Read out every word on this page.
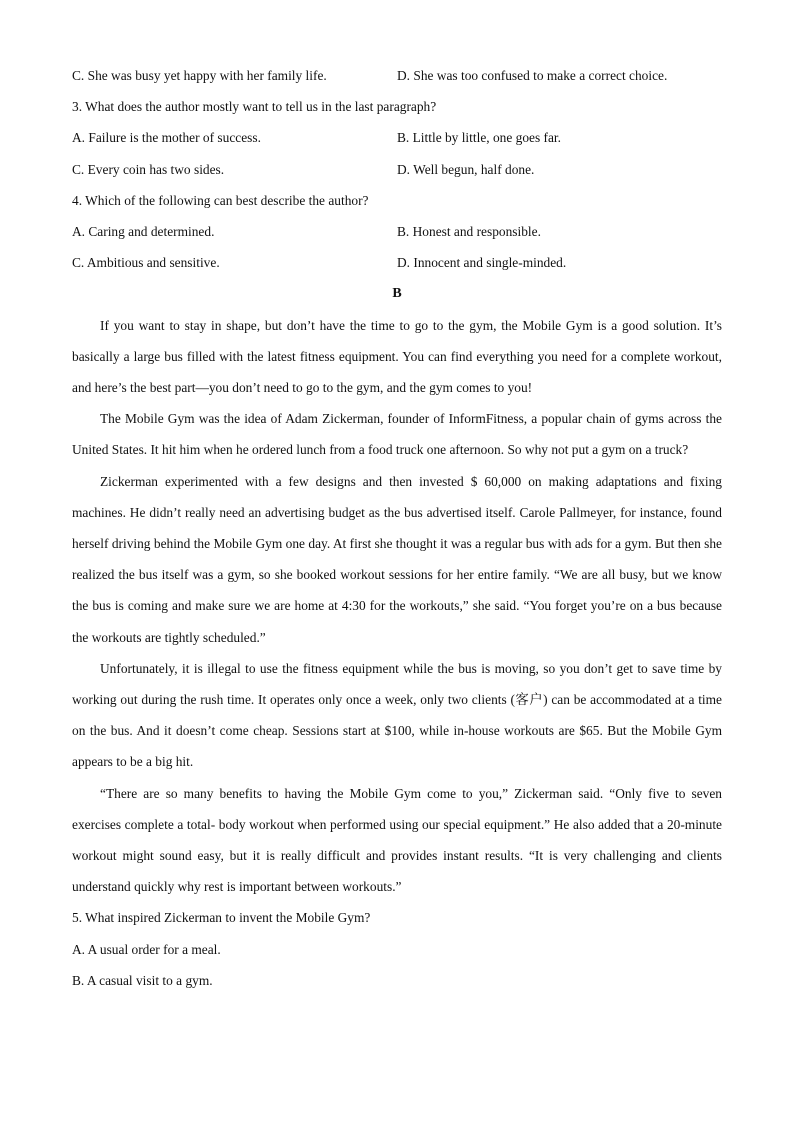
C. She was busy yet happy with her family life.	D. She was too confused to make a correct choice.
3. What does the author mostly want to tell us in the last paragraph?
A. Failure is the mother of success.	B. Little by little, one goes far.
C. Every coin has two sides.	D. Well begun, half done.
4. Which of the following can best describe the author?
A. Caring and determined.	B. Honest and responsible.
C. Ambitious and sensitive.	D. Innocent and single-minded.
B

If you want to stay in shape, but don’t have the time to go to the gym, the Mobile Gym is a good solution. It’s basically a large bus filled with the latest fitness equipment. You can find everything you need for a complete workout, and here’s the best part—you don’t need to go to the gym, and the gym comes to you!

The Mobile Gym was the idea of Adam Zickerman, founder of InformFitness, a popular chain of gyms across the United States. It hit him when he ordered lunch from a food truck one afternoon. So why not put a gym on a truck?

Zickerman experimented with a few designs and then invested $ 60,000 on making adaptations and fixing machines. He didn’t really need an advertising budget as the bus advertised itself. Carole Pallmeyer, for instance, found herself driving behind the Mobile Gym one day. At first she thought it was a regular bus with ads for a gym. But then she realized the bus itself was a gym, so she booked workout sessions for her entire family. “We are all busy, but we know the bus is coming and make sure we are home at 4:30 for the workouts,” she said. “You forget you’re on a bus because the workouts are tightly scheduled.”

Unfortunately, it is illegal to use the fitness equipment while the bus is moving, so you don’t get to save time by working out during the rush time. It operates only once a week, only two clients (客户) can be accommodated at a time on the bus. And it doesn’t come cheap. Sessions start at $100, while in-house workouts are $65. But the Mobile Gym appears to be a big hit.

“There are so many benefits to having the Mobile Gym come to you,” Zickerman said. “Only five to seven exercises complete a total- body workout when performed using our special equipment.” He also added that a 20-minute workout might sound easy, but it is really difficult and provides instant results. “It is very challenging and clients understand quickly why rest is important between workouts.”

5. What inspired Zickerman to invent the Mobile Gym?
A. A usual order for a meal.
B. A casual visit to a gym.
